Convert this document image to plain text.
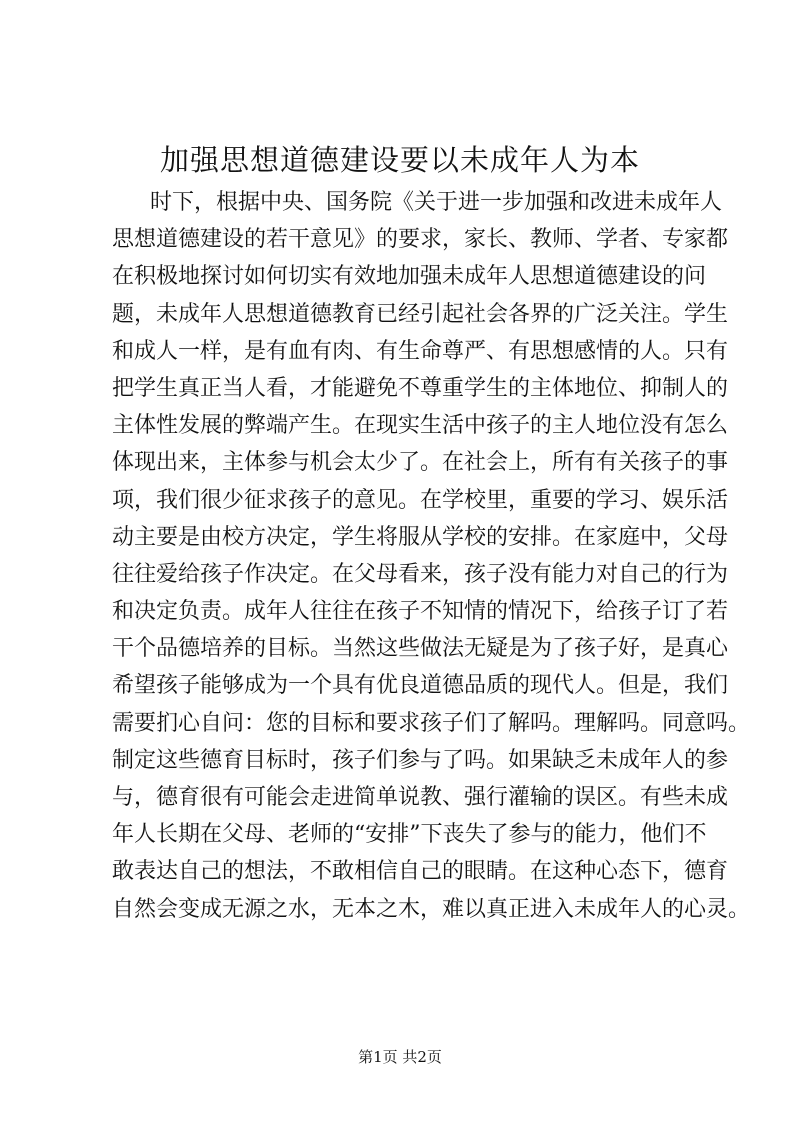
加强思想道德建设要以未成年人为本
时下，根据中央、国务院《关于进一步加强和改进未成年人
思想道德建设的若干意见》的要求，家长、教师、学者、专家都
在积极地探讨如何切实有效地加强未成年人思想道德建设的问
题，未成年人思想道德教育已经引起社会各界的广泛关注。学生
和成人一样，是有血有肉、有生命尊严、有思想感情的人。只有
把学生真正当人看，才能避免不尊重学生的主体地位、抑制人的
主体性发展的弊端产生。在现实生活中孩子的主人地位没有怎么
体现出来，主体参与机会太少了。在社会上，所有有关孩子的事
项，我们很少征求孩子的意见。在学校里，重要的学习、娱乐活
动主要是由校方决定，学生将服从学校的安排。在家庭中，父母
往往爱给孩子作决定。在父母看来，孩子没有能力对自己的行为
和决定负责。成年人往往在孩子不知情的情况下，给孩子订了若
干个品德培养的目标。当然这些做法无疑是为了孩子好，是真心
希望孩子能够成为一个具有优良道德品质的现代人。但是，我们
需要扪心自问：您的目标和要求孩子们了解吗。理解吗。同意吗。
制定这些德育目标时，孩子们参与了吗。如果缺乏未成年人的参
与，德育很有可能会走进简单说教、强行灌输的误区。有些未成
年人长期在父母、老师的“安排”下丧失了参与的能力，他们不
敢表达自己的想法，不敢相信自己的眼睛。在这种心态下，德育
自然会变成无源之水，无本之木，难以真正进入未成年人的心灵。
第1页 共2页
